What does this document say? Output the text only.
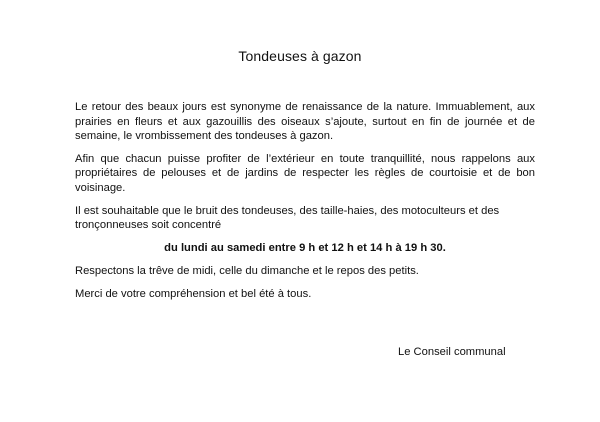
Tondeuses à gazon

Le retour des beaux jours est synonyme de renaissance de la nature. Immuablement, aux prairies en fleurs et aux gazouillis des oiseaux s’ajoute, surtout en fin de journée et de semaine, le vrombissement des tondeuses à gazon.

Afin que chacun puisse profiter de l’extérieur en toute tranquillité, nous rappelons aux propriétaires de pelouses et de jardins de respecter les règles de courtoisie et de bon voisinage.

Il est souhaitable que le bruit des tondeuses, des taille-haies, des motoculteurs et des tronçonneuses soit concentré

du lundi au samedi entre 9 h et 12 h et 14 h à 19 h 30.

Respectons la trêve de midi, celle du dimanche et le repos des petits.

Merci de votre compréhension et bel été à tous.

Le Conseil communal
